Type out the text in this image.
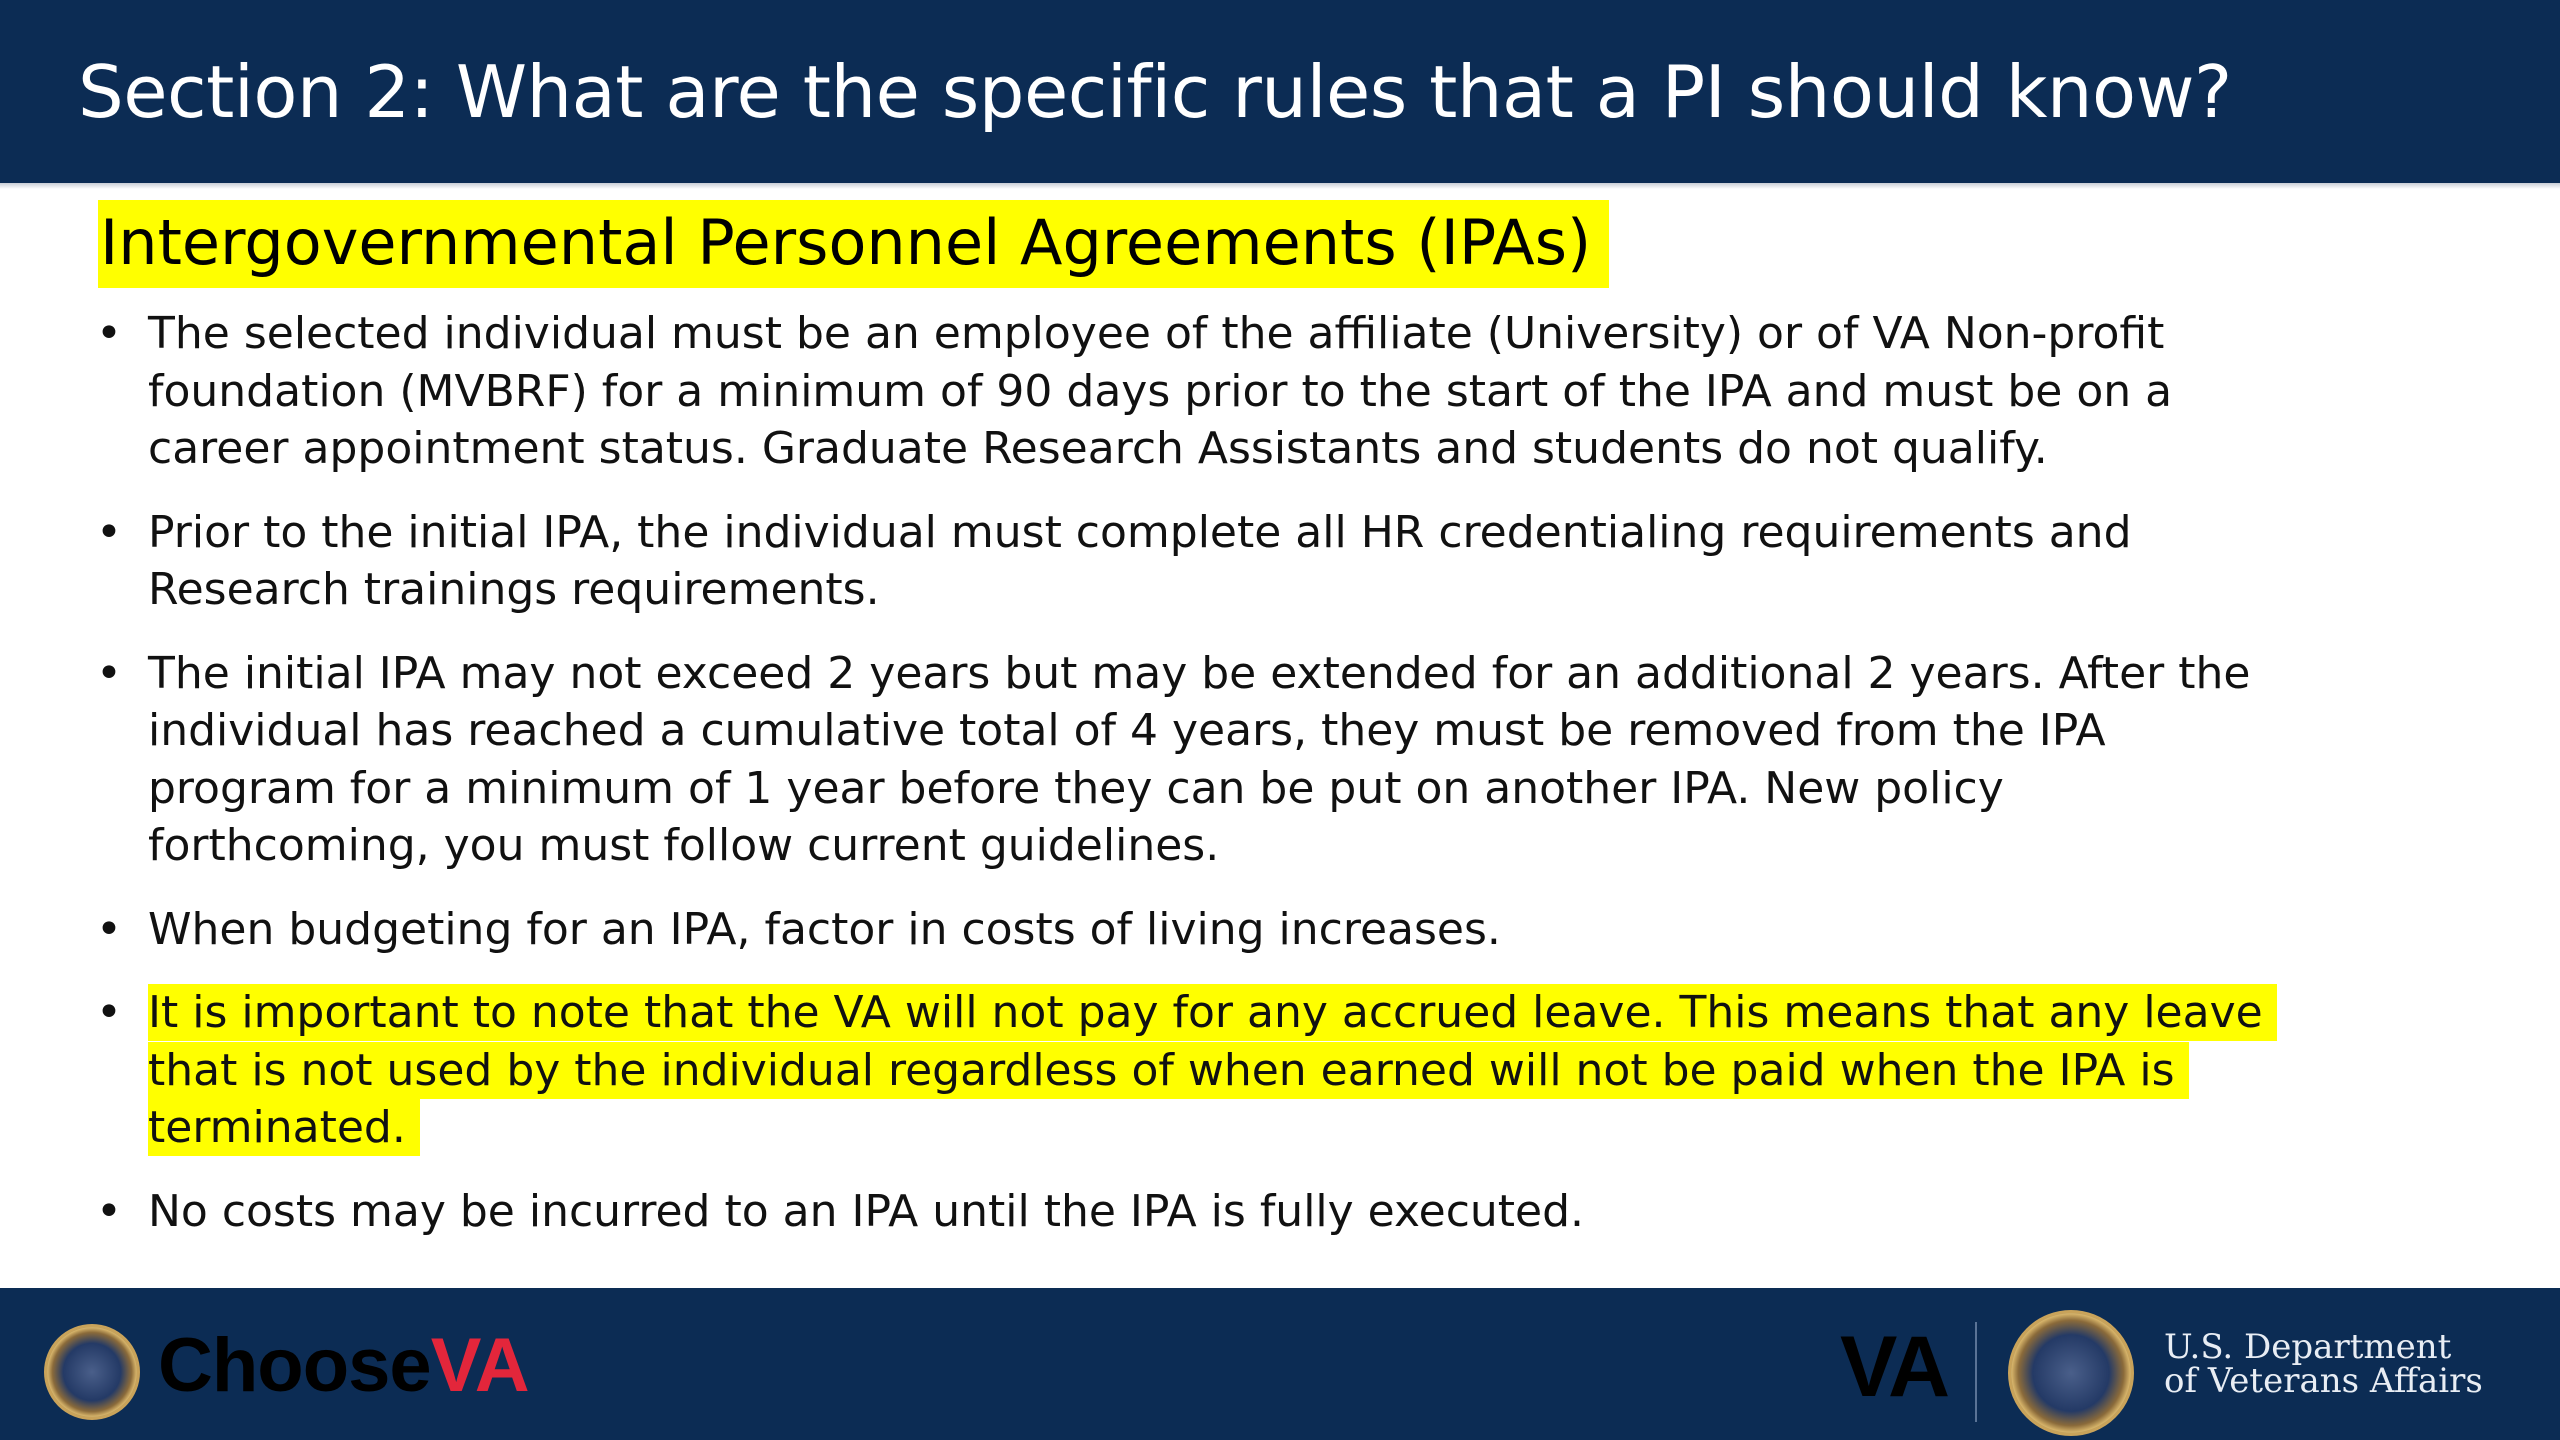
Section 2: What are the specific rules that a PI should know?
Intergovernmental Personnel Agreements (IPAs)
• The selected individual must be an employee of the affiliate (University) or of VA Non-profit foundation (MVBRF) for a minimum of 90 days prior to the start of the IPA and must be on a career appointment status. Graduate Research Assistants and students do not qualify.
• Prior to the initial IPA, the individual must complete all HR credentialing requirements and Research trainings requirements.
• The initial IPA may not exceed 2 years but may be extended for an additional 2 years. After the individual has reached a cumulative total of 4 years, they must be removed from the IPA program for a minimum of 1 year before they can be put on another IPA. New policy forthcoming, you must follow current guidelines.
• When budgeting for an IPA, factor in costs of living increases.
• It is important to note that the VA will not pay for any accrued leave. This means that any leave that is not used by the individual regardless of when earned will not be paid when the IPA is terminated.
• No costs may be incurred to an IPA until the IPA is fully executed.
ChooseVA	VA	U.S. Department
of Veterans Affairs
